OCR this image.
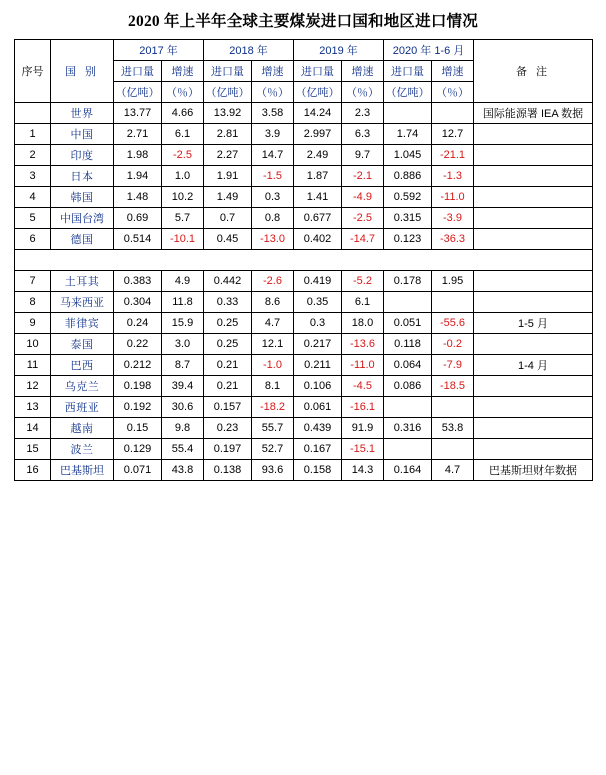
2020 年上半年全球主要煤炭进口国和地区进口情况
序号	国 别	2017 年		2018 年		2019 年		2020 年 1-6 月		备 注
		进口量	增速	进口量	增速	进口量	增速	进口量	增速	
		（亿吨）	（％）	（亿吨）	（％）	（亿吨）	（％）	（亿吨）	（％）	
	世界	13.77	4.66	13.92	3.58	14.24	2.3			国际能源署 IEA 数据
1	中国	2.71	6.1	2.81	3.9	2.997	6.3	1.74	12.7	
2	印度	1.98	-2.5	2.27	14.7	2.49	9.7	1.045	-21.1	
3	日本	1.94	1.0	1.91	-1.5	1.87	-2.1	0.886	-1.3	
4	韩国	1.48	10.2	1.49	0.3	1.41	-4.9	0.592	-11.0	
5	中国台湾	0.69	5.7	0.7	0.8	0.677	-2.5	0.315	-3.9	
6	德国	0.514	-10.1	0.45	-13.0	0.402	-14.7	0.123	-36.3	

7	土耳其	0.383	4.9	0.442	-2.6	0.419	-5.2	0.178	1.95	
8	马来西亚	0.304	11.8	0.33	8.6	0.35	6.1			
9	菲律宾	0.24	15.9	0.25	4.7	0.3	18.0	0.051	-55.6	1-5 月
10	泰国	0.22	3.0	0.25	12.1	0.217	-13.6	0.118	-0.2	
11	巴西	0.212	8.7	0.21	-1.0	0.211	-11.0	0.064	-7.9	1-4 月
12	乌克兰	0.198	39.4	0.21	8.1	0.106	-4.5	0.086	-18.5	
13	西班亚	0.192	30.6	0.157	-18.2	0.061	-16.1			
14	越南	0.15	9.8	0.23	55.7	0.439	91.9	0.316	53.8	
15	波兰	0.129	55.4	0.197	52.7	0.167	-15.1			
16	巴基斯坦	0.071	43.8	0.138	93.6	0.158	14.3	0.164	4.7	巴基斯坦财年数据
